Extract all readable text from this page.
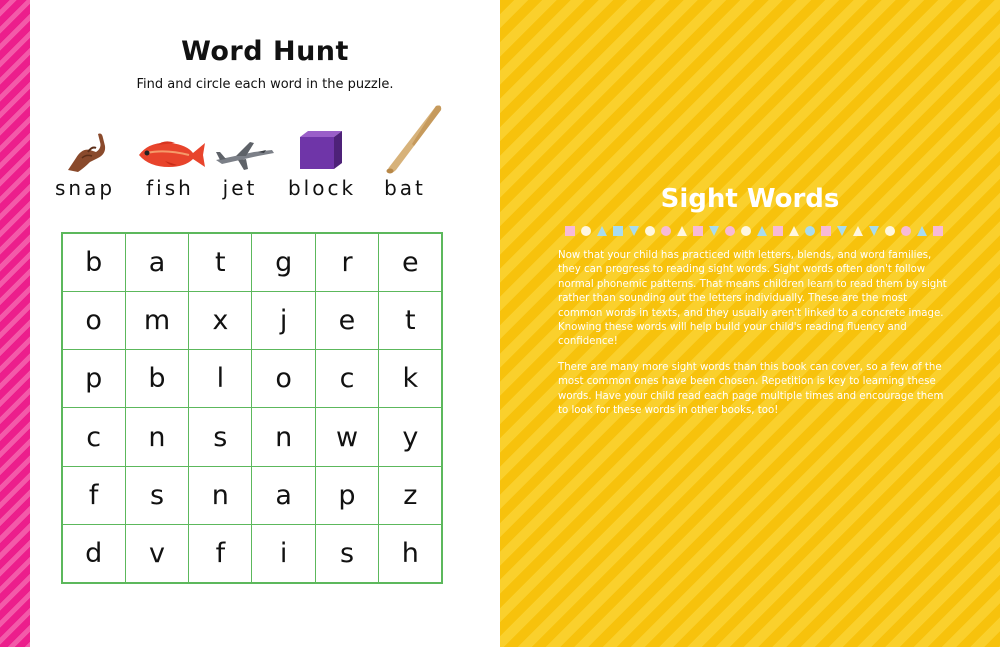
Word Hunt
Find and circle each word in the puzzle.
snap	fish	jet	block	bat
b	a	t	g	r	e
o	m	x	j	e	t
p	b	l	o	c	k
c	n	s	n	w	y
f	s	n	a	p	z
d	v	f	i	s	h
Sight Words
Now that your child has practiced with letters, blends, and word families, they can progress to reading sight words. Sight words often don't follow normal phonemic patterns. That means children learn to read them by sight rather than sounding out the letters individually. These are the most common words in texts, and they usually aren't linked to a concrete image. Knowing these words will help build your child's reading fluency and confidence!
There are many more sight words than this book can cover, so a few of the most common ones have been chosen. Repetition is key to learning these words. Have your child read each page multiple times and encourage them to look for these words in other books, too!
